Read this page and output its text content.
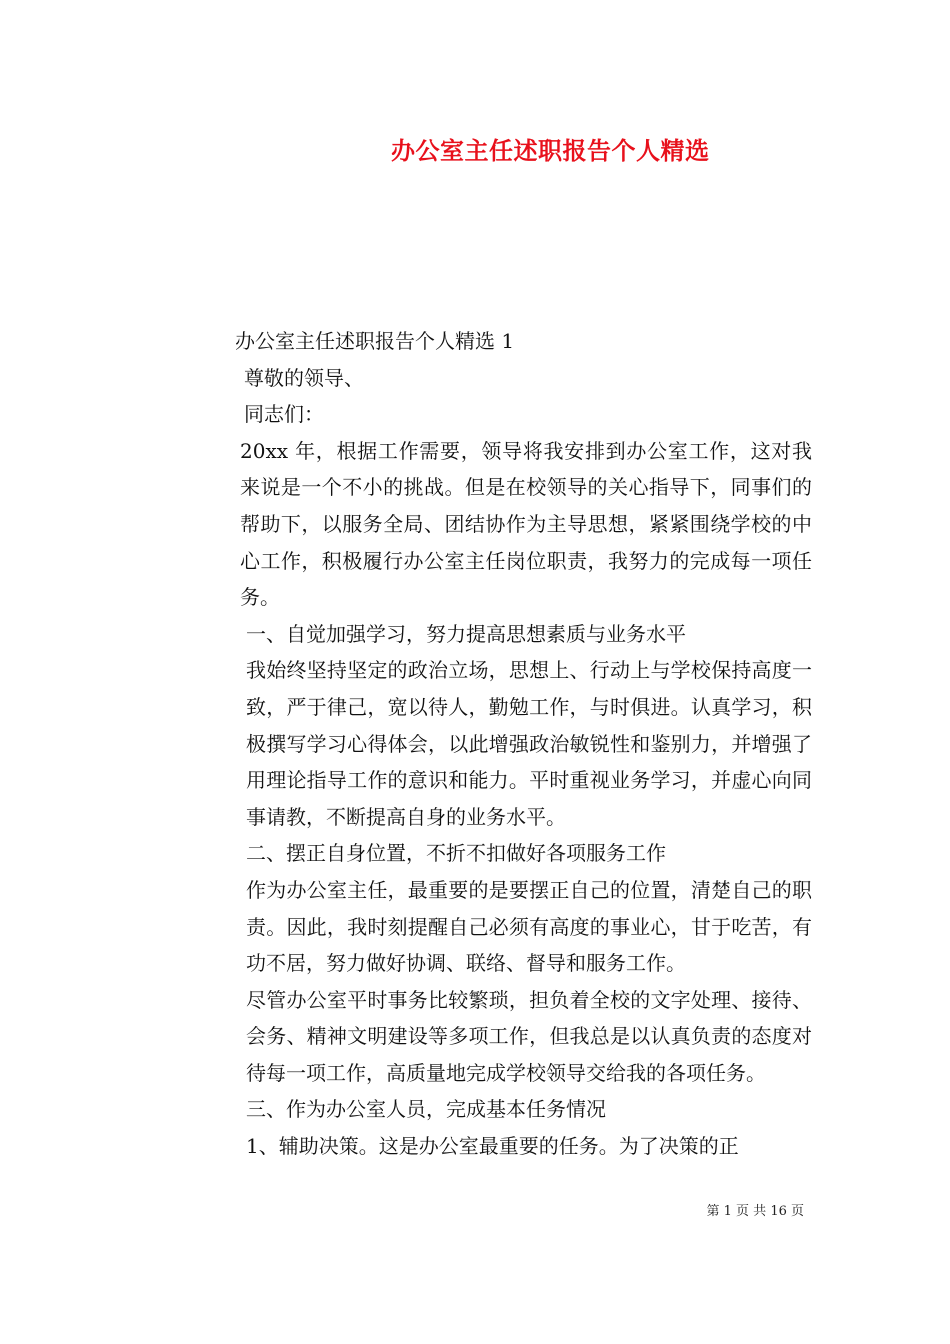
办公室主任述职报告个人精选

办公室主任述职报告个人精选 1

尊敬的领导、

同志们：

20xx 年，根据工作需要，领导将我安排到办公室工作，这对我来说是一个不小的挑战。但是在校领导的关心指导下，同事们的帮助下，以服务全局、团结协作为主导思想，紧紧围绕学校的中心工作，积极履行办公室主任岗位职责，我努力的完成每一项任务。

一、自觉加强学习，努力提高思想素质与业务水平

我始终坚持坚定的政治立场，思想上、行动上与学校保持高度一致，严于律己，宽以待人，勤勉工作，与时俱进。认真学习，积极撰写学习心得体会，以此增强政治敏锐性和鉴别力，并增强了用理论指导工作的意识和能力。平时重视业务学习，并虚心向同事请教，不断提高自身的业务水平。

二、摆正自身位置，不折不扣做好各项服务工作

作为办公室主任，最重要的是要摆正自己的位置，清楚自己的职责。因此，我时刻提醒自己必须有高度的事业心，甘于吃苦，有功不居，努力做好协调、联络、督导和服务工作。

尽管办公室平时事务比较繁琐，担负着全校的文字处理、接待、会务、精神文明建设等多项工作，但我总是以认真负责的态度对待每一项工作，高质量地完成学校领导交给我的各项任务。

三、作为办公室人员，完成基本任务情况

1、辅助决策。这是办公室最重要的任务。为了决策的正

第 1 页 共 16 页
